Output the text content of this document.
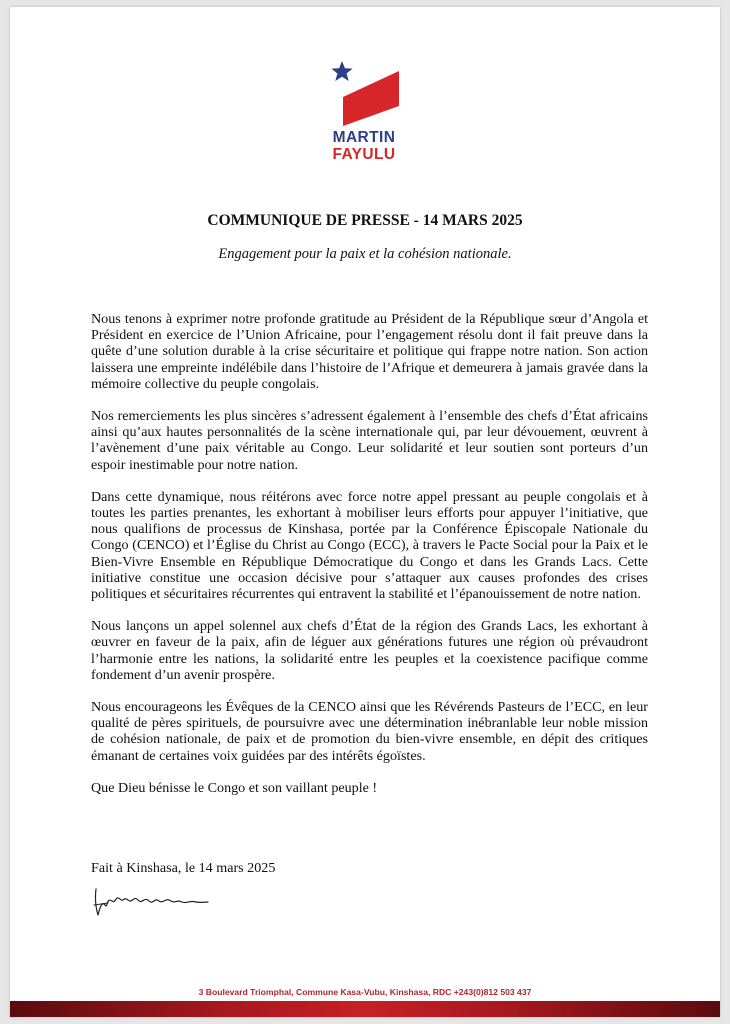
MARTIN
FAYULU
COMMUNIQUE DE PRESSE - 14 MARS 2025

Engagement pour la paix et la cohésion nationale.

Nous tenons à exprimer notre profonde gratitude au Président de la République sœur d’Angola et Président en exercice de l’Union Africaine, pour l’engagement résolu dont il fait preuve dans la quête d’une solution durable à la crise sécuritaire et politique qui frappe notre nation. Son action laissera une empreinte indélébile dans l’histoire de l’Afrique et demeurera à jamais gravée dans la mémoire collective du peuple congolais.

Nos remerciements les plus sincères s’adressent également à l’ensemble des chefs d’État africains ainsi qu’aux hautes personnalités de la scène internationale qui, par leur dévouement, œuvrent à l’avènement d’une paix véritable au Congo. Leur solidarité et leur soutien sont porteurs d’un espoir inestimable pour notre nation.

Dans cette dynamique, nous réitérons avec force notre appel pressant au peuple congolais et à toutes les parties prenantes, les exhortant à mobiliser leurs efforts pour appuyer l’initiative, que nous qualifions de processus de Kinshasa, portée par la Conférence Épiscopale Nationale du Congo (CENCO) et l’Église du Christ au Congo (ECC), à travers le Pacte Social pour la Paix et le Bien-Vivre Ensemble en République Démocratique du Congo et dans les Grands Lacs. Cette initiative constitue une occasion décisive pour s’attaquer aux causes profondes des crises politiques et sécuritaires récurrentes qui entravent la stabilité et l’épanouissement de notre nation.

Nous lançons un appel solennel aux chefs d’État de la région des Grands Lacs, les exhortant à œuvrer en faveur de la paix, afin de léguer aux générations futures une région où prévaudront l’harmonie entre les nations, la solidarité entre les peuples et la coexistence pacifique comme fondement d’un avenir prospère.

Nous encourageons les Évêques de la CENCO ainsi que les Révérends Pasteurs de l’ECC, en leur qualité de pères spirituels, de poursuivre avec une détermination inébranlable leur noble mission de cohésion nationale, de paix et de promotion du bien-vivre ensemble, en dépit des critiques émanant de certaines voix guidées par des intérêts égoïstes.

Que Dieu bénisse le Congo et son vaillant peuple !

Fait à Kinshasa, le 14 mars 2025

3 Boulevard Triomphal, Commune Kasa-Vubu, Kinshasa, RDC +243(0)812 503 437
